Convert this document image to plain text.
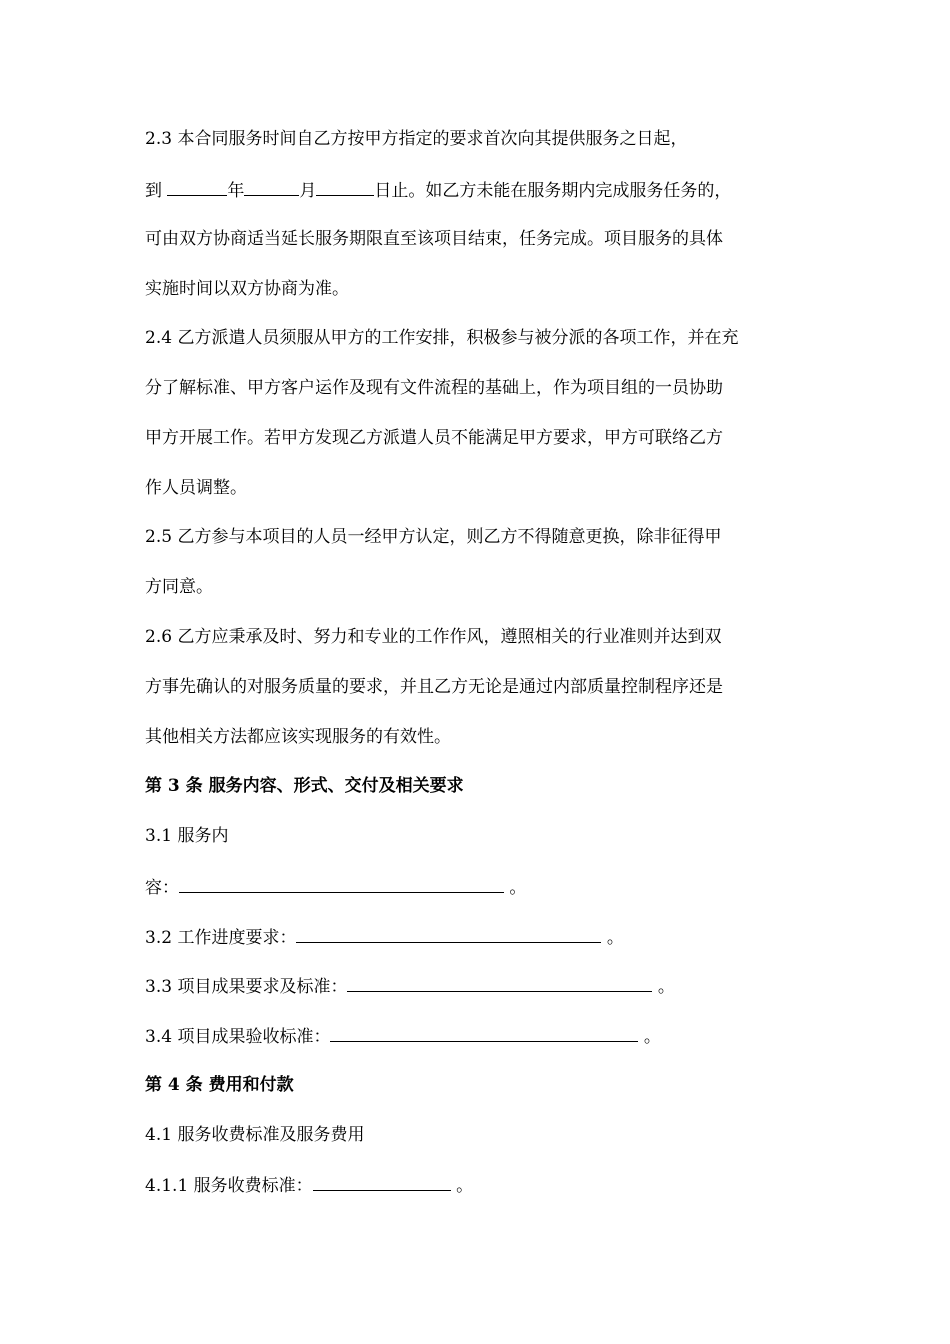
2.3 本合同服务时间自乙方按甲方指定的要求首次向其提供服务之日起，
到	年	月	日止。如乙方未能在服务期内完成服务任务的，
可由双方协商适当延长服务期限直至该项目结束，任务完成。项目服务的具体
实施时间以双方协商为准。
2.4 乙方派遣人员须服从甲方的工作安排，积极参与被分派的各项工作，并在充
分了解标准、甲方客户运作及现有文件流程的基础上，作为项目组的一员协助
甲方开展工作。若甲方发现乙方派遣人员不能满足甲方要求，甲方可联络乙方
作人员调整。
2.5 乙方参与本项目的人员一经甲方认定，则乙方不得随意更换，除非征得甲
方同意。
2.6 乙方应秉承及时、努力和专业的工作作风，遵照相关的行业准则并达到双
方事先确认的对服务质量的要求，并且乙方无论是通过内部质量控制程序还是
其他相关方法都应该实现服务的有效性。
第 3 条 服务内容、形式、交付及相关要求
3.1 服务内
容：	。
3.2 工作进度要求：	。
3.3 项目成果要求及标准：	。
3.4 项目成果验收标准：	。
第 4 条 费用和付款
4.1 服务收费标准及服务费用
4.1.1 服务收费标准：	。
